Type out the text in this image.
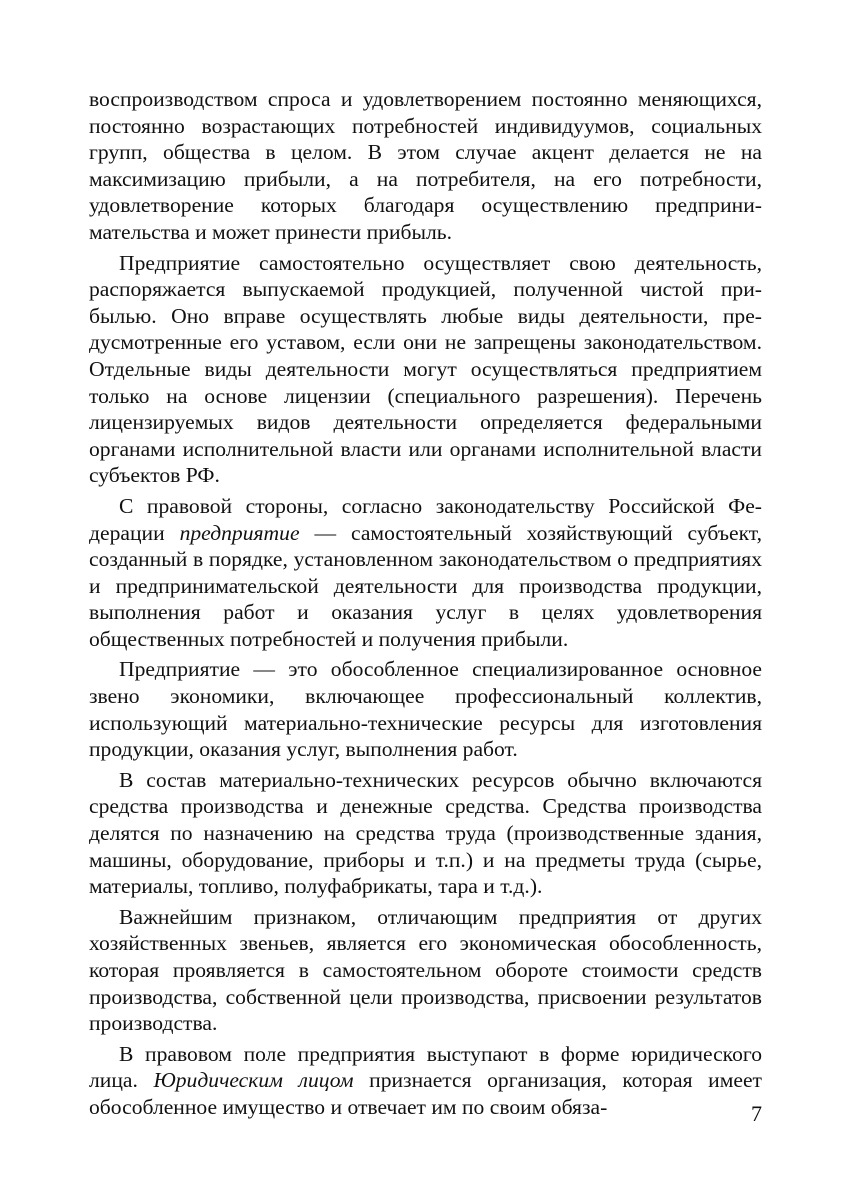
воспроизводством спроса и удовлетворением постоянно меняющихся, постоянно возрастающих потребностей индивидуумов, социальных групп, общества в целом. В этом случае акцент делается не на максимизацию прибыли, а на потребителя, на его потребности, удовлетворение которых благодаря осуществлению предпринимательства и может принести прибыль.

Предприятие самостоятельно осуществляет свою деятельность, распоряжается выпускаемой продукцией, полученной чистой прибылью. Оно вправе осуществлять любые виды деятельности, предусмотренные его уставом, если они не запрещены законодательством. Отдельные виды деятельности могут осуществляться предприятием только на основе лицензии (специального разрешения). Перечень лицензируемых видов деятельности определяется федеральными органами исполнительной власти или органами исполнительной власти субъектов РФ.

С правовой стороны, согласно законодательству Российской Федерации предприятие — самостоятельный хозяйствующий субъект, созданный в порядке, установленном законодательством о предприятиях и предпринимательской деятельности для производства продукции, выполнения работ и оказания услуг в целях удовлетворения общественных потребностей и получения прибыли.

Предприятие — это обособленное специализированное основное звено экономики, включающее профессиональный коллектив, использующий материально-технические ресурсы для изготовления продукции, оказания услуг, выполнения работ.

В состав материально-технических ресурсов обычно включаются средства производства и денежные средства. Средства производства делятся по назначению на средства труда (производственные здания, машины, оборудование, приборы и т.п.) и на предметы труда (сырье, материалы, топливо, полуфабрикаты, тара и т.д.).

Важнейшим признаком, отличающим предприятия от других хозяйственных звеньев, является его экономическая обособленность, которая проявляется в самостоятельном обороте стоимости средств производства, собственной цели производства, присвоении результатов производства.

В правовом поле предприятия выступают в форме юридического лица. Юридическим лицом признается организация, которая имеет обособленное имущество и отвечает им по своим обяза-	7
